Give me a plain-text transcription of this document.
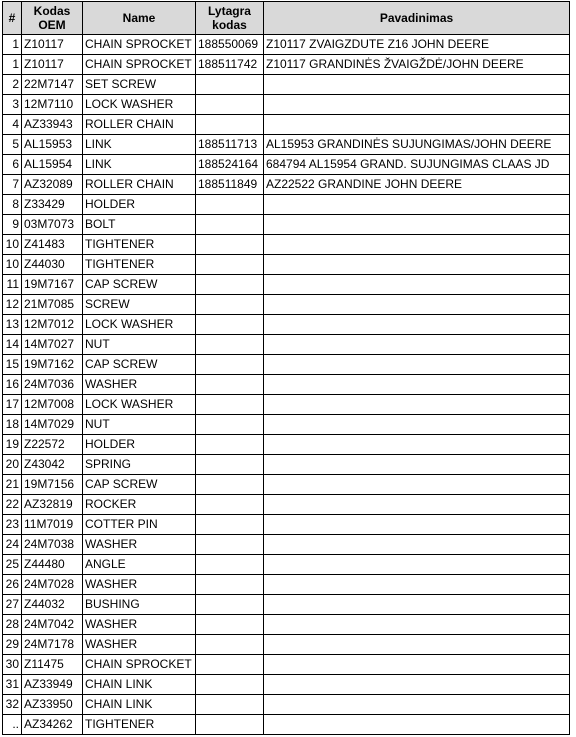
#	Kodas OEM	Name	Lytagra kodas	Pavadinimas
1	Z10117	CHAIN SPROCKET	188550069	Z10117 ZVAIGZDUTE Z16 JOHN DEERE
1	Z10117	CHAIN SPROCKET	188511742	Z10117 GRANDINĖS ŽVAIGŽDĖ/JOHN DEERE
2	22M7147	SET SCREW		
3	12M7110	LOCK WASHER		
4	AZ33943	ROLLER CHAIN		
5	AL15953	LINK	188511713	AL15953 GRANDINĖS SUJUNGIMAS/JOHN DEERE
6	AL15954	LINK	188524164	684794 AL15954 GRAND. SUJUNGIMAS CLAAS JD
7	AZ32089	ROLLER CHAIN	188511849	AZ22522 GRANDINE JOHN DEERE
8	Z33429	HOLDER		
9	03M7073	BOLT		
10	Z41483	TIGHTENER		
10	Z44030	TIGHTENER		
11	19M7167	CAP SCREW		
12	21M7085	SCREW		
13	12M7012	LOCK WASHER		
14	14M7027	NUT		
15	19M7162	CAP SCREW		
16	24M7036	WASHER		
17	12M7008	LOCK WASHER		
18	14M7029	NUT		
19	Z22572	HOLDER		
20	Z43042	SPRING		
21	19M7156	CAP SCREW		
22	AZ32819	ROCKER		
23	11M7019	COTTER PIN		
24	24M7038	WASHER		
25	Z44480	ANGLE		
26	24M7028	WASHER		
27	Z44032	BUSHING		
28	24M7042	WASHER		
29	24M7178	WASHER		
30	Z11475	CHAIN SPROCKET		
31	AZ33949	CHAIN LINK		
32	AZ33950	CHAIN LINK		
..	AZ34262	TIGHTENER		
